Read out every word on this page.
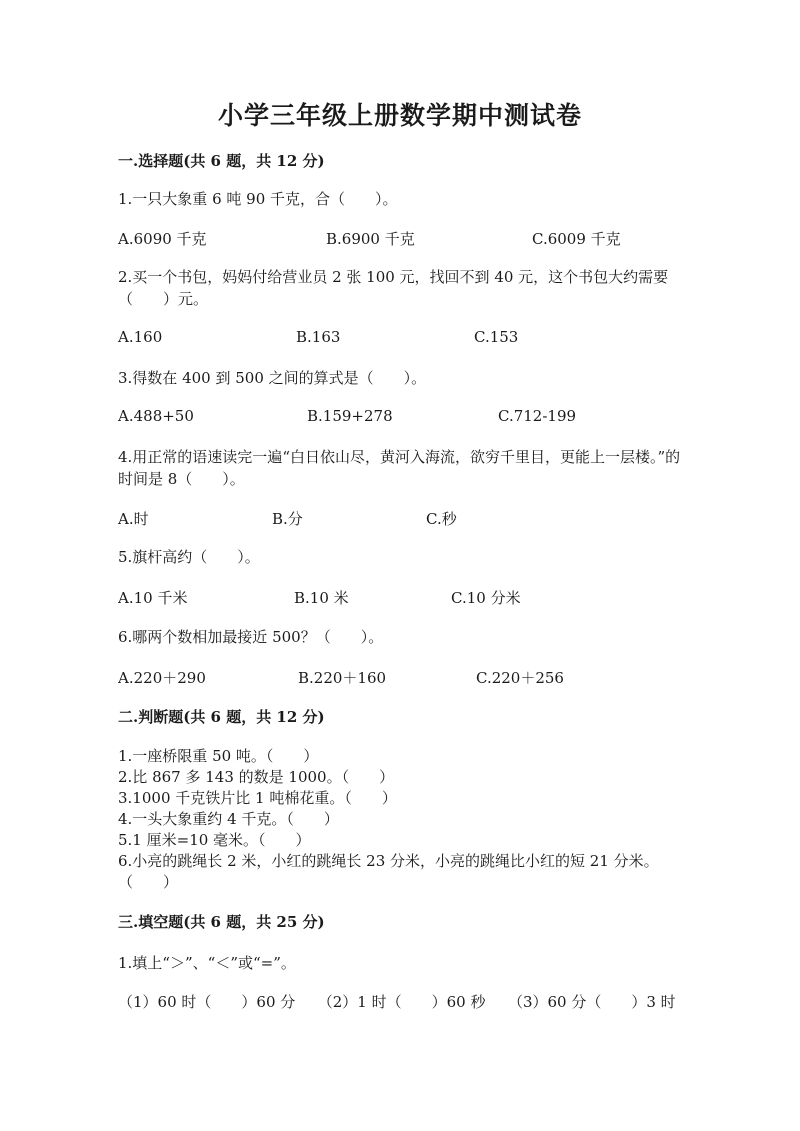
小学三年级上册数学期中测试卷
一.选择题(共 6 题，共 12 分)
1.一只大象重 6 吨 90 千克，合（　　）。
A.6090 千克	B.6900 千克	C.6009 千克
2.买一个书包，妈妈付给营业员 2 张 100 元，找回不到 40 元，这个书包大约需要（　　）元。
A.160	B.163	C.153
3.得数在 400 到 500 之间的算式是（　　）。
A.488+50	B.159+278	C.712-199
4.用正常的语速读完一遍“白日依山尽，黄河入海流，欲穷千里目，更能上一层楼。”的时间是 8（　　）。
A.时	B.分	C.秒
5.旗杆高约（　　）。
A.10 千米	B.10 米	C.10 分米
6.哪两个数相加最接近 500？（　　）。
A.220＋290	B.220＋160	C.220＋256
二.判断题(共 6 题，共 12 分)
1.一座桥限重 50 吨。（　　）
2.比 867 多 143 的数是 1000。（　　）
3.1000 千克铁片比 1 吨棉花重。（　　）
4.一头大象重约 4 千克。（　　）
5.1 厘米=10 毫米。（　　）
6.小亮的跳绳长 2 米，小红的跳绳长 23 分米，小亮的跳绳比小红的短 21 分米。（　　）
三.填空题(共 6 题，共 25 分)
1.填上“＞”、“＜”或“=”。
（1）60 时（　　）60 分　　（2）1 时（　　）60 秒　　（3）60 分（　　）3 时
